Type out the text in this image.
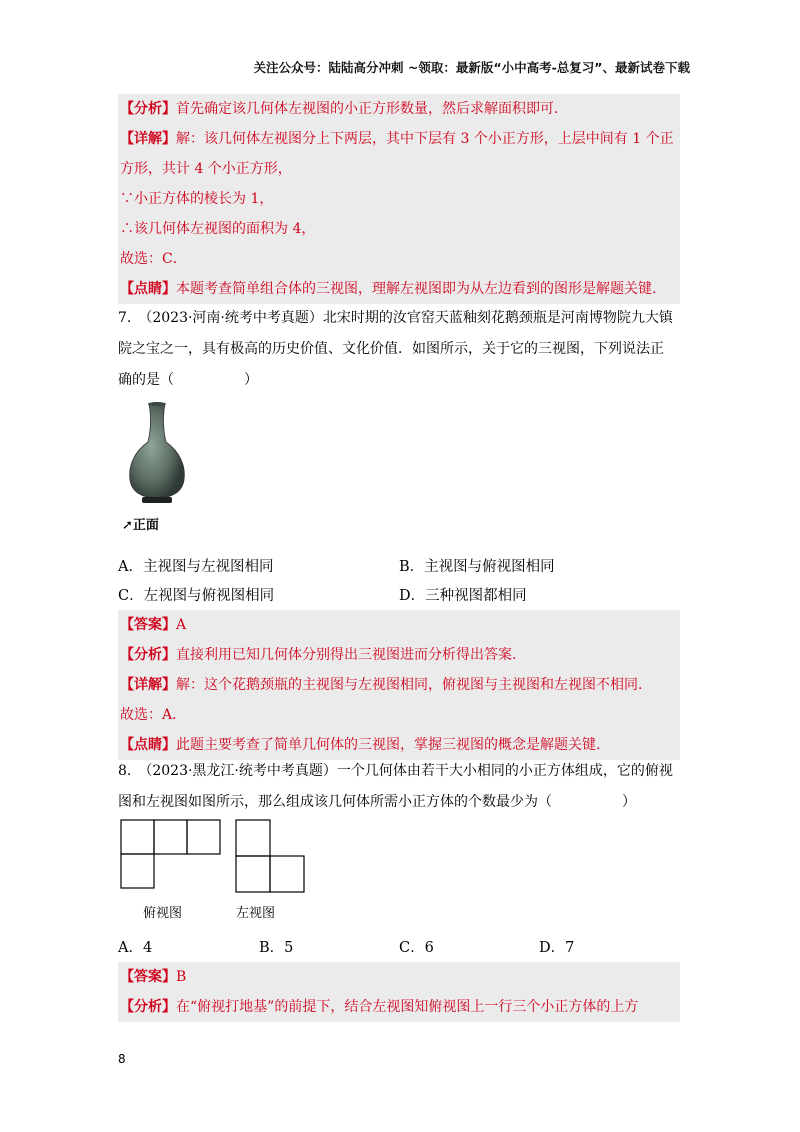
关注公众号：陆陆高分冲刺 ~领取：最新版“小中高考-总复习”、最新试卷下载
【分析】首先确定该几何体左视图的小正方形数量，然后求解面积即可.
【详解】解：该几何体左视图分上下两层，其中下层有 3 个小正方形，上层中间有 1 个正
方形，共计 4 个小正方形，
∵小正方体的棱长为 1，
∴该几何体左视图的面积为 4，
故选：C．
【点睛】本题考查简单组合体的三视图，理解左视图即为从左边看到的图形是解题关键.
7.　（2023·河南·统考中考真题）北宋时期的汝官窑天蓝釉刻花鹅颈瓶是河南博物院九大镇
院之宝之一，具有极高的历史价值、文化价值．如图所示，关于它的三视图，下列说法正
确的是（　　　　　）
➚正面
A．主视图与左视图相同	B．主视图与俯视图相同
C．左视图与俯视图相同	D．三种视图都相同
【答案】A
【分析】直接利用已知几何体分别得出三视图进而分析得出答案.
【详解】解：这个花鹅颈瓶的主视图与左视图相同，俯视图与主视图和左视图不相同.
故选：A．
【点睛】此题主要考查了简单几何体的三视图，掌握三视图的概念是解题关键.
8.　（2023·黑龙江·统考中考真题）一个几何体由若干大小相同的小正方体组成，它的俯视
图和左视图如图所示，那么组成该几何体所需小正方体的个数最少为（　　　　　）
俯视图	左视图
A．4	B．5	C．6	D．7
【答案】B
【分析】在“俯视打地基”的前提下，结合左视图知俯视图上一行三个小正方体的上方
8
